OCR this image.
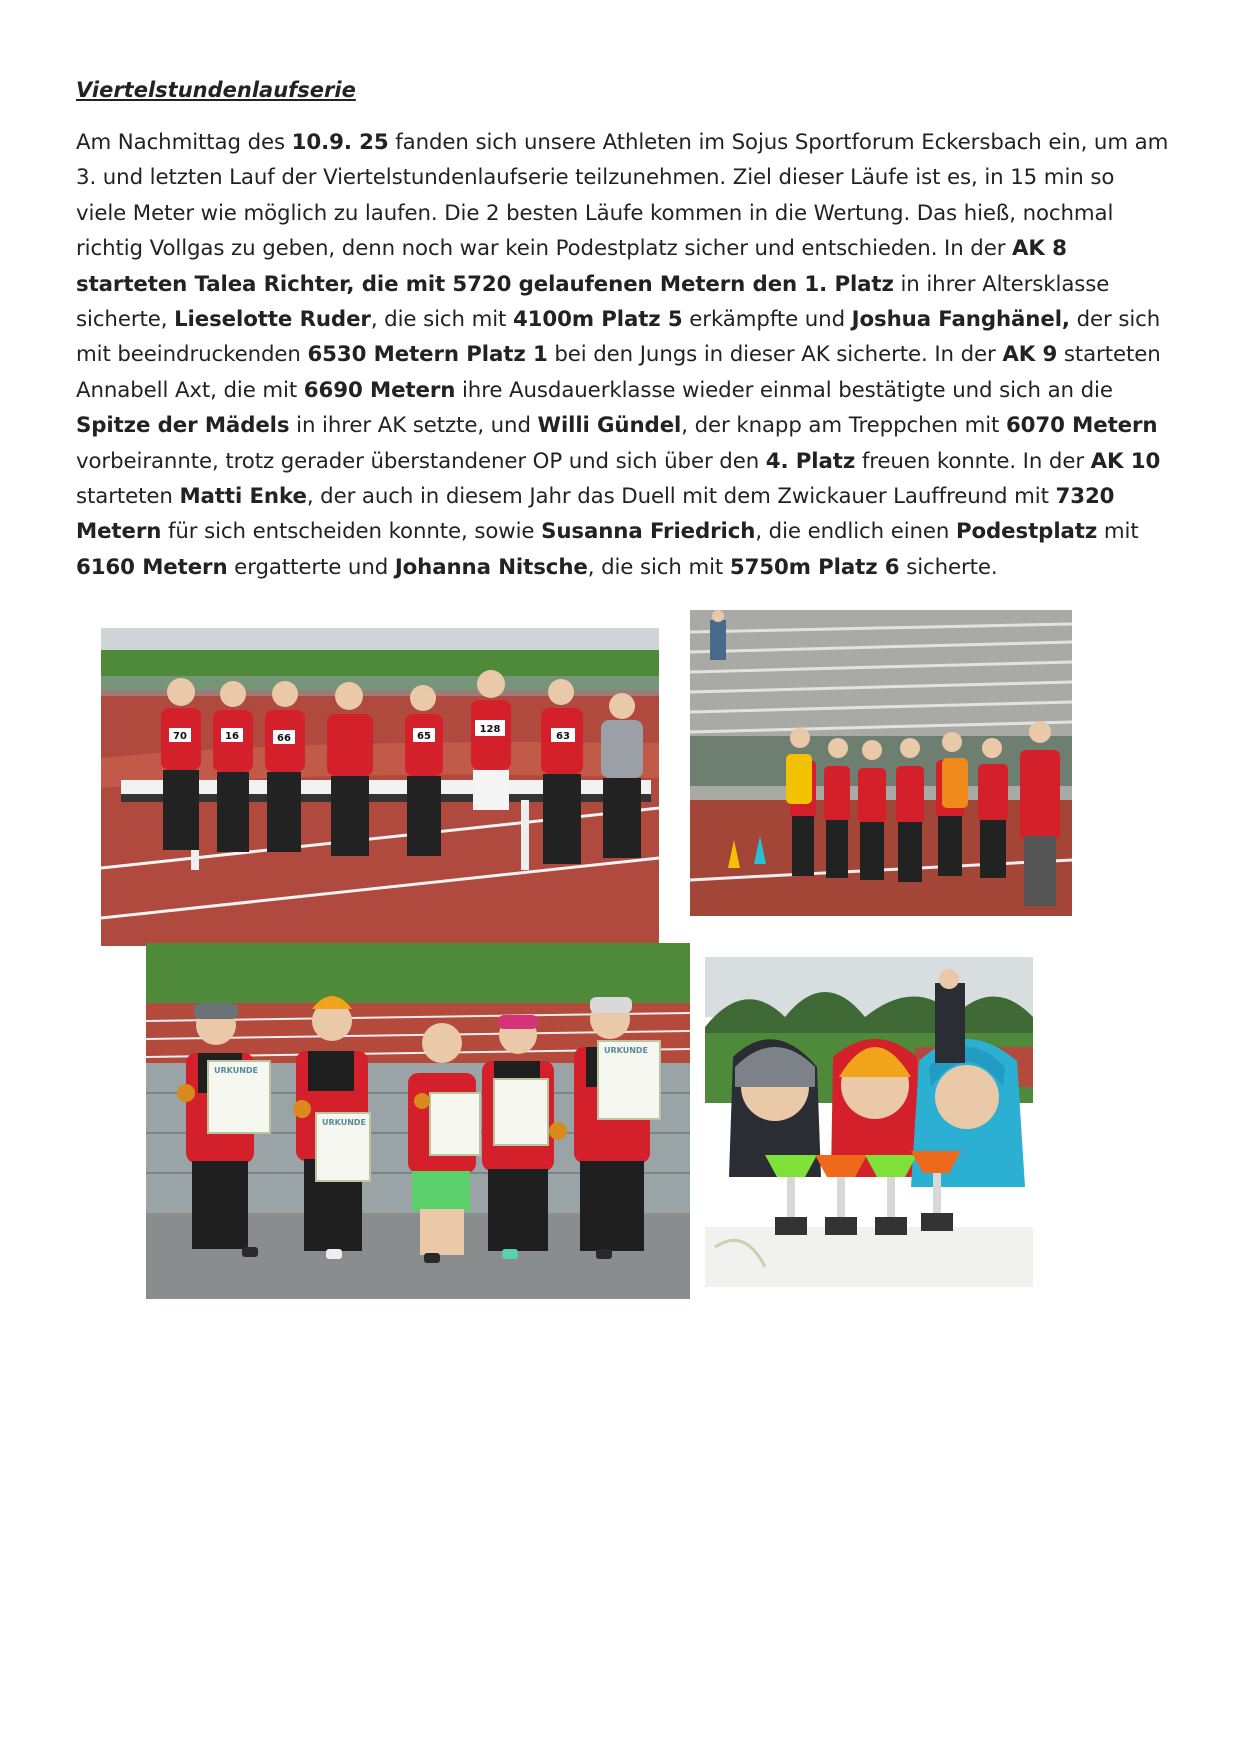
Viertelstundenlaufserie

Am Nachmittag des 10.9. 25 fanden sich unsere Athleten im Sojus Sportforum Eckersbach ein, um am 3. und letzten Lauf der Viertelstundenlaufserie teilzunehmen. Ziel dieser Läufe ist es, in 15 min so viele Meter wie möglich zu laufen. Die 2 besten Läufe kommen in die Wertung. Das hieß, nochmal richtig Vollgas zu geben, denn noch war kein Podestplatz sicher und entschieden. In der AK 8 starteten Talea Richter, die mit 5720 gelaufenen Metern den 1. Platz in ihrer Altersklasse sicherte, Lieselotte Ruder, die sich mit 4100m Platz 5 erkämpfte und Joshua Fanghänel, der sich mit beeindruckenden 6530 Metern Platz 1 bei den Jungs in dieser AK sicherte. In der AK 9 starteten Annabell Axt, die mit 6690 Metern ihre Ausdauerklasse wieder einmal bestätigte und sich an die Spitze der Mädels in ihrer AK setzte, und Willi Gündel, der knapp am Treppchen mit 6070 Metern vorbeirannte, trotz gerader überstandener OP und sich über den 4. Platz freuen konnte. In der AK 10 starteten Matti Enke, der auch in diesem Jahr das Duell mit dem Zwickauer Lauffreund mit 7320 Metern für sich entscheiden konnte, sowie Susanna Friedrich, die endlich einen Podestplatz mit 6160 Metern ergatterte und Johanna Nitsche, die sich mit 5750m Platz 6 sicherte.

70	16	66	65
128
63
URKUNDE
URKUNDE
URKUNDE
